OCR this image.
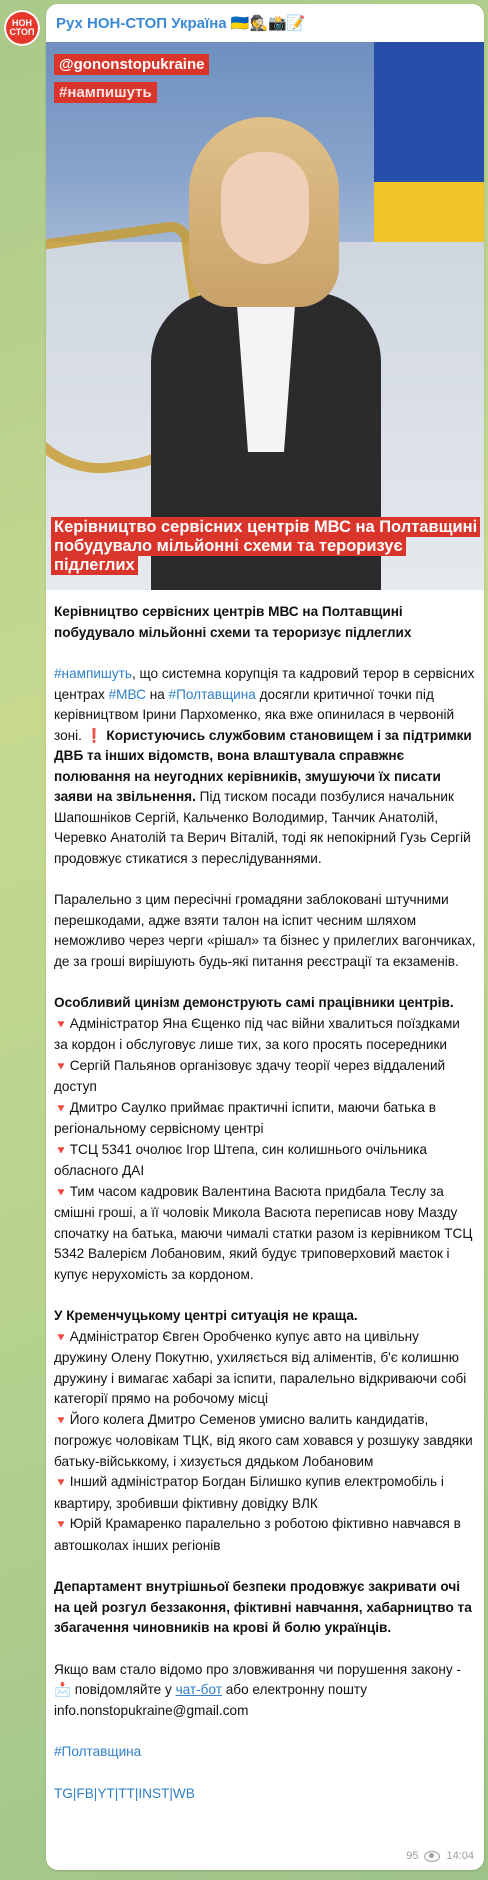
НОН
СТОП	Рух НОН-СТОП Україна 🇺🇦🕵️📸📝
@gononstopukraine
#нампишуть
Керівництво сервісних центрів МВС на Полтавщині побудувало мільйонні схеми та тероризує підлеглих

Керівництво сервісних центрів МВС на Полтавщині побудувало мільйонні схеми та тероризує підлеглих

#нампишуть, що системна корупція та кадровий терор в сервісних центрах #МВС на #Полтавщина досягли критичної точки під керівництвом Ірини Пархоменко, яка вже опинилася в червоній зоні. ❗ Користуючись службовим становищем і за підтримки ДВБ та інших відомств, вона влаштувала справжнє полювання на неугодних керівників, змушуючи їх писати заяви на звільнення. Під тиском посади позбулися начальник Шапошніков Сергій, Кальченко Володимир, Танчик Анатолій, Черевко Анатолій та Верич Віталій, тоді як непокірний Гузь Сергій продовжує стикатися з переслідуваннями.

Паралельно з цим пересічні громадяни заблоковані штучними перешкодами, адже взяти талон на іспит чесним шляхом неможливо через черги «рішал» та бізнес у прилеглих вагончиках, де за гроші вирішують будь-які питання реєстрації та екзаменів.

Особливий цинізм демонструють самі працівники центрів.
🔻 Адміністратор Яна Єщенко під час війни хвалиться поїздками за кордон і обслуговує лише тих, за кого просять посередники
🔻 Сергій Пальянов організовує здачу теорії через віддалений доступ
🔻 Дмитро Саулко приймає практичні іспити, маючи батька в регіональному сервісному центрі
🔻 ТСЦ 5341 очолює Ігор Штепа, син колишнього очільника обласного ДАІ
🔻 Тим часом кадровик Валентина Васюта придбала Теслу за смішні гроші, а її чоловік Микола Васюта переписав нову Мазду спочатку на батька, маючи чималі статки разом із керівником ТСЦ 5342 Валерієм Лобановим, який будує триповерховий маєток і купує нерухомість за кордоном.

У Кременчуцькому центрі ситуація не краща.
🔻 Адміністратор Євген Оробченко купує авто на цивільну дружину Олену Покутню, ухиляється від аліментів, б'є колишню дружину і вимагає хабарі за іспити, паралельно відкриваючи собі категорії прямо на робочому місці
🔻 Його колега Дмитро Семенов умисно валить кандидатів, погрожує чоловікам ТЦК, від якого сам ховався у розшуку завдяки батьку-військкому, і хизується дядьком Лобановим
🔻 Інший адміністратор Богдан Білишко купив електромобіль і квартиру, зробивши фіктивну довідку ВЛК
🔻 Юрій Крамаренко паралельно з роботою фіктивно навчався в автошколах інших регіонів

Департамент внутрішньої безпеки продовжує закривати очі на цей розгул беззаконня, фіктивні навчання, хабарництво та збагачення чиновників на крові й болю українців.

Якщо вам стало відомо про зловживання чи порушення закону - 📩 повідомляйте у чат-бот або електронну пошту info.nonstopukraine@gmail.com

#Полтавщина

TG|FB|YT|TT|INST|WB

95	14:04
